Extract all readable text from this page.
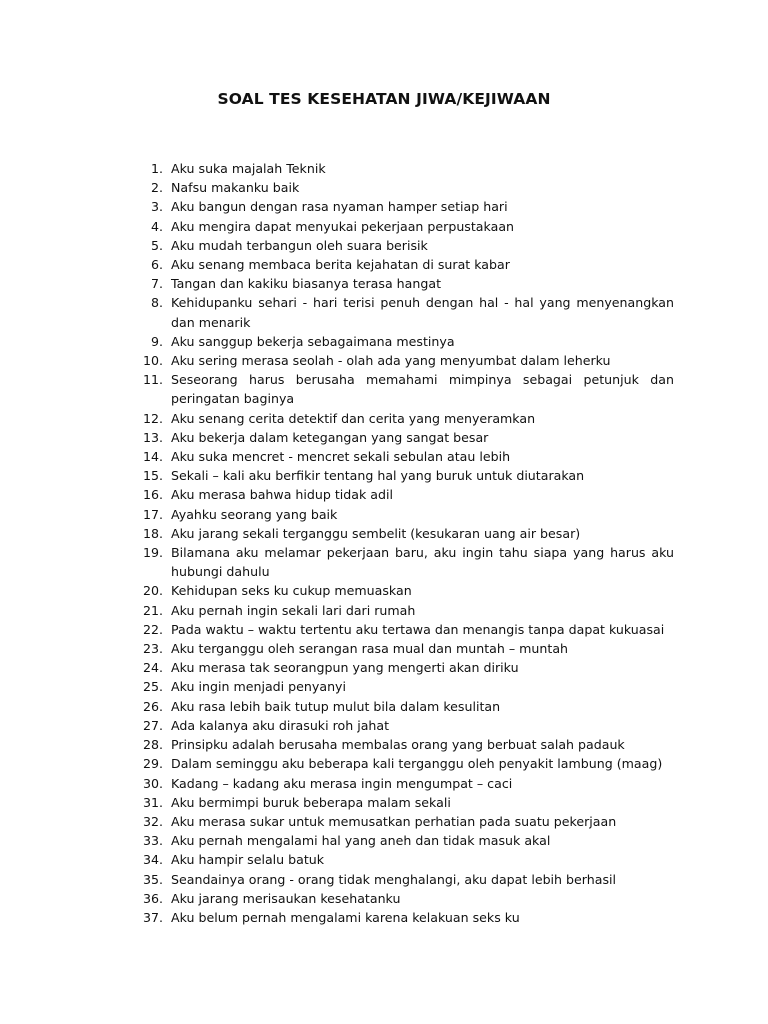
SOAL TES KESEHATAN JIWA/KEJIWAAN
1. Aku suka majalah Teknik
2. Nafsu makanku baik
3. Aku bangun dengan rasa nyaman hamper setiap hari
4. Aku mengira dapat menyukai pekerjaan perpustakaan
5. Aku mudah terbangun oleh suara berisik
6. Aku senang membaca berita kejahatan di surat kabar
7. Tangan dan kakiku biasanya terasa hangat
8. Kehidupanku sehari - hari terisi penuh dengan hal - hal yang menyenangkan dan menarik
9. Aku sanggup bekerja sebagaimana mestinya
10. Aku sering merasa seolah - olah ada yang menyumbat dalam leherku
11. Seseorang harus berusaha memahami mimpinya sebagai petunjuk dan peringatan baginya
12. Aku senang cerita detektif dan cerita yang menyeramkan
13. Aku bekerja dalam ketegangan yang sangat besar
14. Aku suka mencret - mencret sekali sebulan atau lebih
15. Sekali – kali aku berfikir tentang hal yang buruk untuk diutarakan
16. Aku merasa bahwa hidup tidak adil
17. Ayahku seorang yang baik
18. Aku jarang sekali terganggu sembelit (kesukaran uang air besar)
19. Bilamana aku melamar pekerjaan baru, aku ingin tahu siapa yang harus aku hubungi dahulu
20. Kehidupan seks ku cukup memuaskan
21. Aku pernah ingin sekali lari dari rumah
22. Pada waktu – waktu tertentu aku tertawa dan menangis tanpa dapat kukuasai
23. Aku terganggu oleh serangan rasa mual dan muntah – muntah
24. Aku merasa tak seorangpun yang mengerti akan diriku
25. Aku ingin menjadi penyanyi
26. Aku rasa lebih baik tutup mulut bila dalam kesulitan
27. Ada kalanya aku dirasuki roh jahat
28. Prinsipku adalah berusaha membalas orang yang berbuat salah padauk
29. Dalam seminggu aku beberapa kali terganggu oleh penyakit lambung (maag)
30. Kadang – kadang aku merasa ingin mengumpat – caci
31. Aku bermimpi buruk beberapa malam sekali
32. Aku merasa sukar untuk memusatkan perhatian pada suatu pekerjaan
33. Aku pernah mengalami hal yang aneh dan tidak masuk akal
34. Aku hampir selalu batuk
35. Seandainya orang - orang tidak menghalangi, aku dapat lebih berhasil
36. Aku jarang merisaukan kesehatanku
37. Aku belum pernah mengalami karena kelakuan seks ku
